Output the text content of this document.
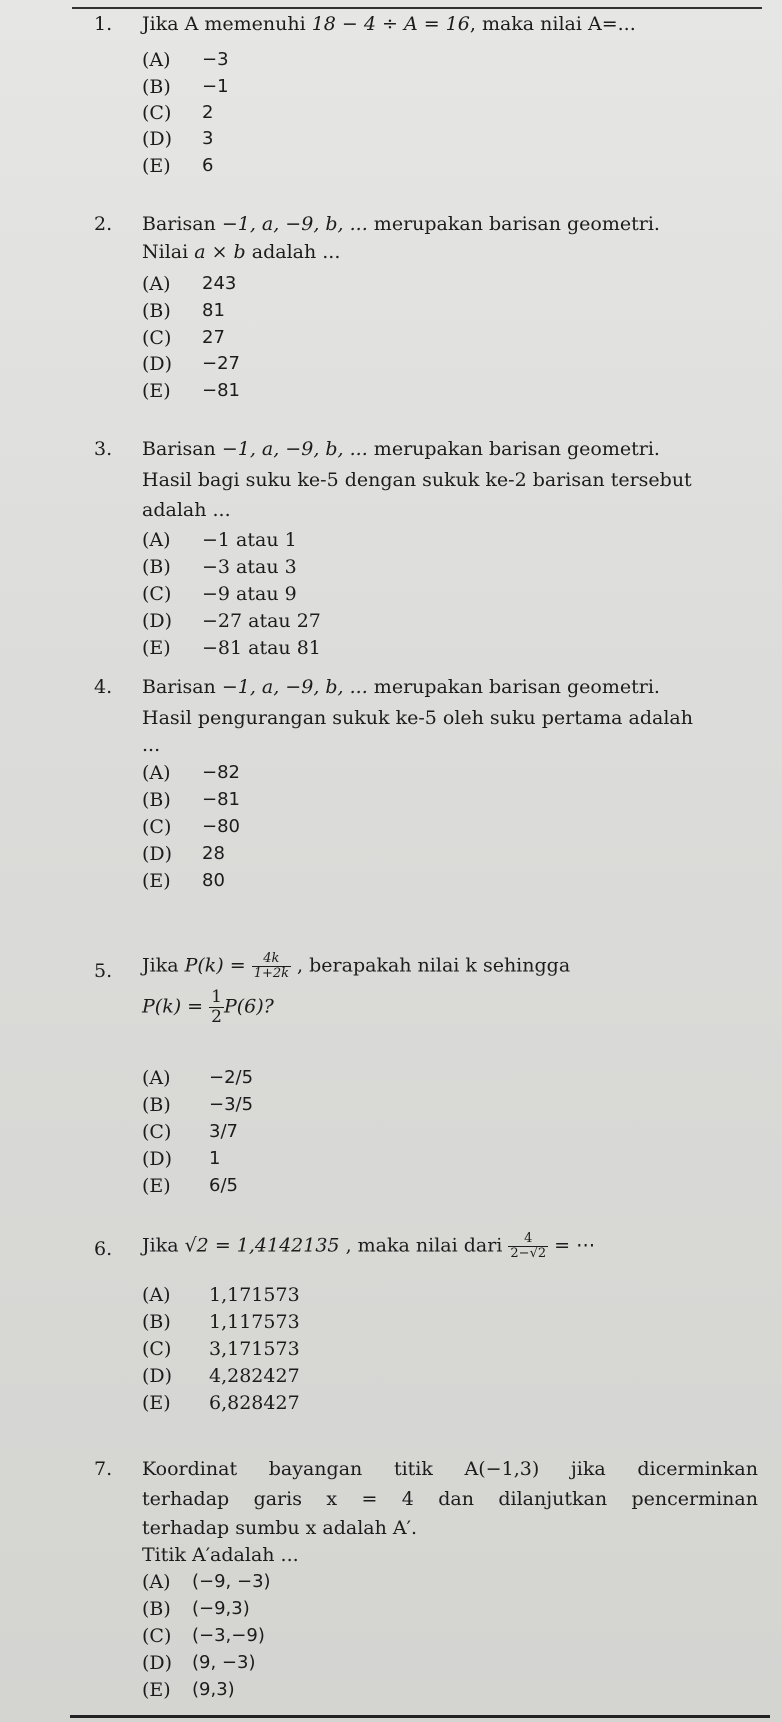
1. Jika A memenuhi 18 − 4 ÷ A = 16, maka nilai A=...
(A) −3
(B) −1
(C) 2
(D) 3
(E) 6
2. Barisan −1, a, −9, b, ... merupakan barisan geometri.
Nilai a × b adalah ...
(A) 243
(B) 81
(C) 27
(D) −27
(E) −81
3. Barisan −1, a, −9, b, ... merupakan barisan geometri.
Hasil bagi suku ke-5 dengan sukuk ke-2 barisan tersebut
adalah ...
(A) −1 atau 1
(B) −3 atau 3
(C) −9 atau 9
(D) −27 atau 27
(E) −81 atau 81
4. Barisan −1, a, −9, b, ... merupakan barisan geometri.
Hasil pengurangan sukuk ke-5 oleh suku pertama adalah
...
(A) −82
(B) −81
(C) −80
(D) 28
(E) 80
5. Jika $P(k) = \frac{4k}{1+2k}$ , berapakah nilai k sehingga
$P(k) = \frac{1}{2} P(6)$?
(A) −2/5
(B) −3/5
(C) 3/7
(D) 1
(E) 6/5
6. Jika √2 = 1,4142135 , maka nilai dari $\frac{4}{2-√2}$ = ⋯
(A) 1,171573
(B) 1,117573
(C) 3,171573
(D) 4,282427
(E) 6,828427
7. Koordinat bayangan titik A(−1,3) jika dicerminkan
terhadap garis x = 4 dan dilanjutkan pencerminan
terhadap sumbu x adalah A′.
Titik A′adalah ...
(A) (−9, −3)
(B) (−9,3)
(C) (−3,−9)
(D) (9, −3)
(E) (9,3)
